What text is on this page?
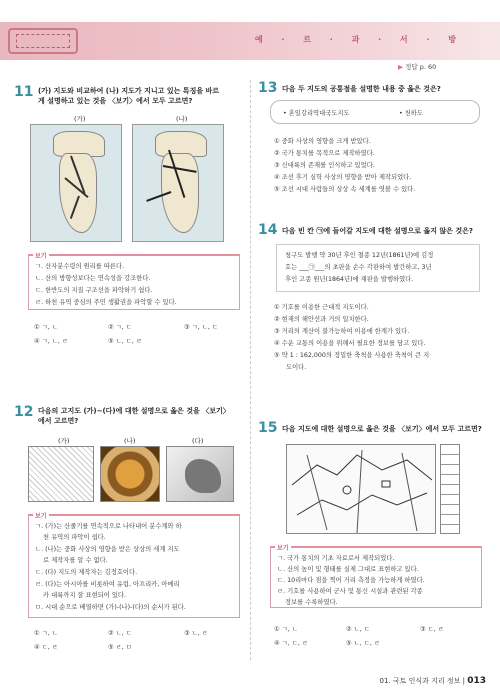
예 · 르 · 과 · 서 · 방
▶ 정답 p. 60
11 (가) 지도와 비교하여 (나) 지도가 지니고 있는 특징을 바르
게 설명하고 있는 것을 〈보기〉에서 모두 고르면?
(가)	(나)
보기
ㄱ. 산자분수령의 원리를 따른다.
ㄴ. 산의 방향성보다는 연속성을 강조한다.
ㄷ. 한반도의 지질 구조선을 파악하기 쉽다.
ㄹ. 하천 유역 중심의 주민 생활권을 파악할 수 있다.
① ㄱ, ㄴ	② ㄱ, ㄷ	③ ㄱ, ㄴ, ㄷ
④ ㄱ, ㄴ, ㄹ	⑤ ㄴ, ㄷ, ㄹ
12 다음의 고지도 (가)~(다)에 대한 설명으로 옳은 것을 〈보기〉
에서 고르면?
(가)	(나)	(다)
보기
ㄱ. (가)는 산줄기를 연속적으로 나타내어 분수계와 하
천 유역의 파악이 쉽다.
ㄴ. (나)는 중화 사상의 영향을 받은 상상의 세계 지도
로 제작자를 알 수 없다.
ㄷ. (다) 지도의 제작자는 김정호이다.
ㄹ. (다)는 아시아를 비롯하여 유럽, 아프리카, 아메리
카 대륙까지 잘 표현되어 있다.
ㅁ. 시대 순으로 배열하면 (가)-(나)-(다)의 순서가 된다.
① ㄱ, ㄴ	② ㄴ, ㄷ	③ ㄴ, ㄹ
④ ㄷ, ㄹ	⑤ ㄹ, ㅁ
13 다음 두 지도의 공통점을 설명한 내용 중 옳은 것은?
• 혼일강리역대국도지도	• 천하도
① 중화 사상의 영향을 크게 받았다.
② 국가 통치를 목적으로 제작하였다.
③ 신대륙의 존재를 인식하고 있었다.
④ 조선 후기 실학 사상의 영향을 받아 제작되었다.
⑤ 조선 시대 사람들의 상상 속 세계를 엿볼 수 있다.
14 다음 빈 칸 ㉠에 들어갈 지도에 대한 설명으로 옳지 않은 것은?
청구도 발행 약 30년 후인 철종 12년(1861년)에 김정
호는 ___㉠___의 초판을 손수 각판하여 발간하고, 3년
후인 고종 원년(1864년)에 재판을 발행하였다.
① 기호를 이용한 근대적 지도이다.
② 현재의 해안선과 거의 일치한다.
③ 거리의 계산이 불가능하여 이용에 한계가 있다.
④ 수운 교통의 이용을 위해서 필요한 정보를 담고 있다.
⑤ 약 1 : 162,000의 정밀한 축척을 사용한 축척이 큰 지
도이다.
15 다음 지도에 대한 설명으로 옳은 것을 〈보기〉에서 모두 고르면?
보기
ㄱ. 국가 통치의 기초 자료로서 제작되었다.
ㄴ. 산의 높이 및 형태를 실제 그대로 표현하고 있다.
ㄷ. 10리마다 점을 찍어 거리 측정을 가능하게 하였다.
ㄹ. 기호를 사용하여 군사 및 통신 시설과 관련된 각종
정보를 수록하였다.
① ㄱ, ㄴ	② ㄴ, ㄷ	③ ㄷ, ㄹ
④ ㄱ, ㄷ, ㄹ	⑤ ㄴ, ㄷ, ㄹ
01. 국토 인식과 지리 정보 | 013
